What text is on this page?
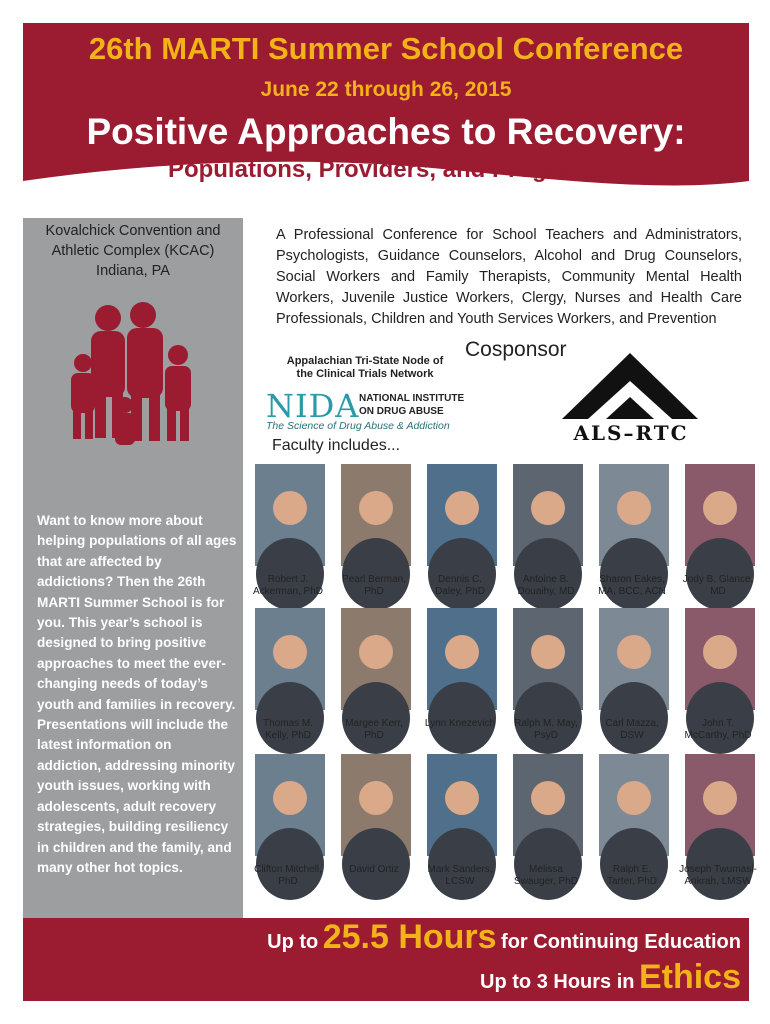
26th MARTI Summer School Conference
June 22 through 26, 2015
Positive Approaches to Recovery:
Populations, Providers, and Programs
Kovalchick Convention and
Athletic Complex (KCAC)
Indiana, PA
Want to know more about helping populations of all ages that are affected by addictions? Then the 26th MARTI Summer School is for you. This year’s school is designed to bring positive approaches to meet the ever-changing needs of today’s youth and families in recovery. Presentations will include the latest information on addiction, addressing minority youth issues, working with adolescents, adult recovery strategies, building resiliency in children and the family, and many other hot topics.
A Professional Conference for School Teachers and Administrators, Psychologists, Guidance Counselors, Alcohol and Drug Counselors, Social Workers and Family Therapists, Community Mental Health Workers, Juvenile Justice Workers, Clergy, Nurses and Health Care Professionals, Children and Youth Services Workers, and Prevention
Appalachian Tri-State Node of
the Clinical Trials Network
NIDA NATIONAL INSTITUTE
ON DRUG ABUSE
The Science of Drug Abuse & Addiction
Cosponsor
ALS–RTC
Faculty includes...
Robert J.
Ackerman, PhD
Pearl Berman,
PhD
Dennis C.
Daley, PhD
Antoine B.
Douaihy, MD
Sharon Eakes,
MA, BCC, ACN
Jody B. Glance,
MD
Thomas M.
Kelly, PhD
Margee Kerr,
PhD
Lynn Knezevich	Ralph M. May,
PsyD
Carl Mazza,
DSW
John T.
McCarthy, PhD
Clifton Mitchell,
PhD
David Ortiz	Mark Sanders,
LCSW
Melissa
Swauger, PhD
Ralph E.
Tarter, PhD
Joseph Twumasi-
Ankrah, LMSW
Up to 25.5 Hours for Continuing Education
Up to 3 Hours in Ethics
